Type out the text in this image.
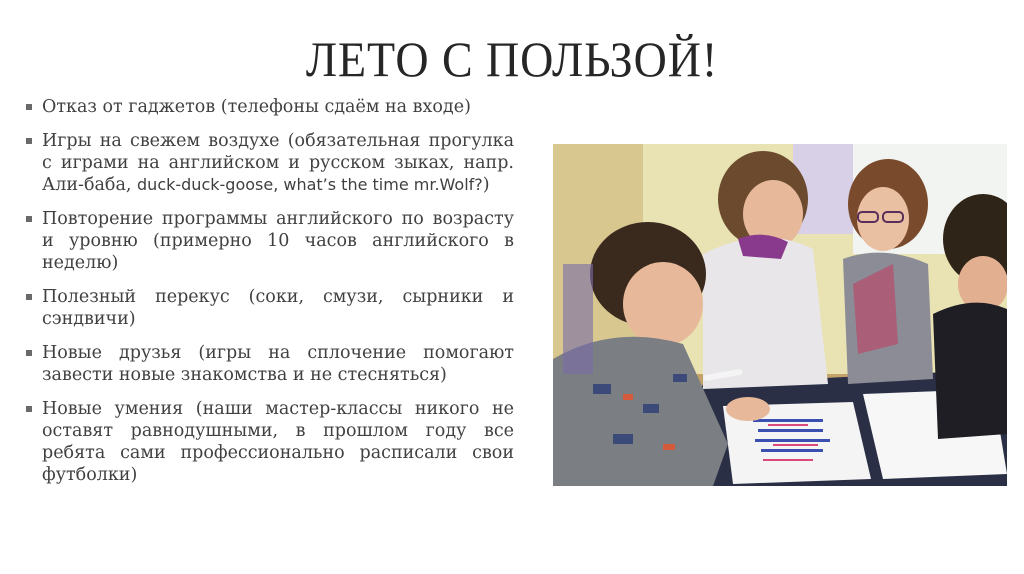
ЛЕТО С ПОЛЬЗОЙ!
Отказ от гаджетов (телефоны сдаём на входе)
Игры на свежем воздухе (обязательная прогулка с играми на английском и русском зыках, напр. Али-баба, duck-duck-goose, what’s the time mr.Wolf?)
Повторение программы английского по возрасту и уровню (примерно 10 часов английского в неделю)
Полезный перекус (соки, смузи, сырники и сэндвичи)
Новые друзья (игры на сплочение помогают завести новые знакомства и не стесняться)
Новые умения (наши мастер-классы никого не оставят равнодушными, в прошлом году все ребята сами профессионально расписали свои футболки)
